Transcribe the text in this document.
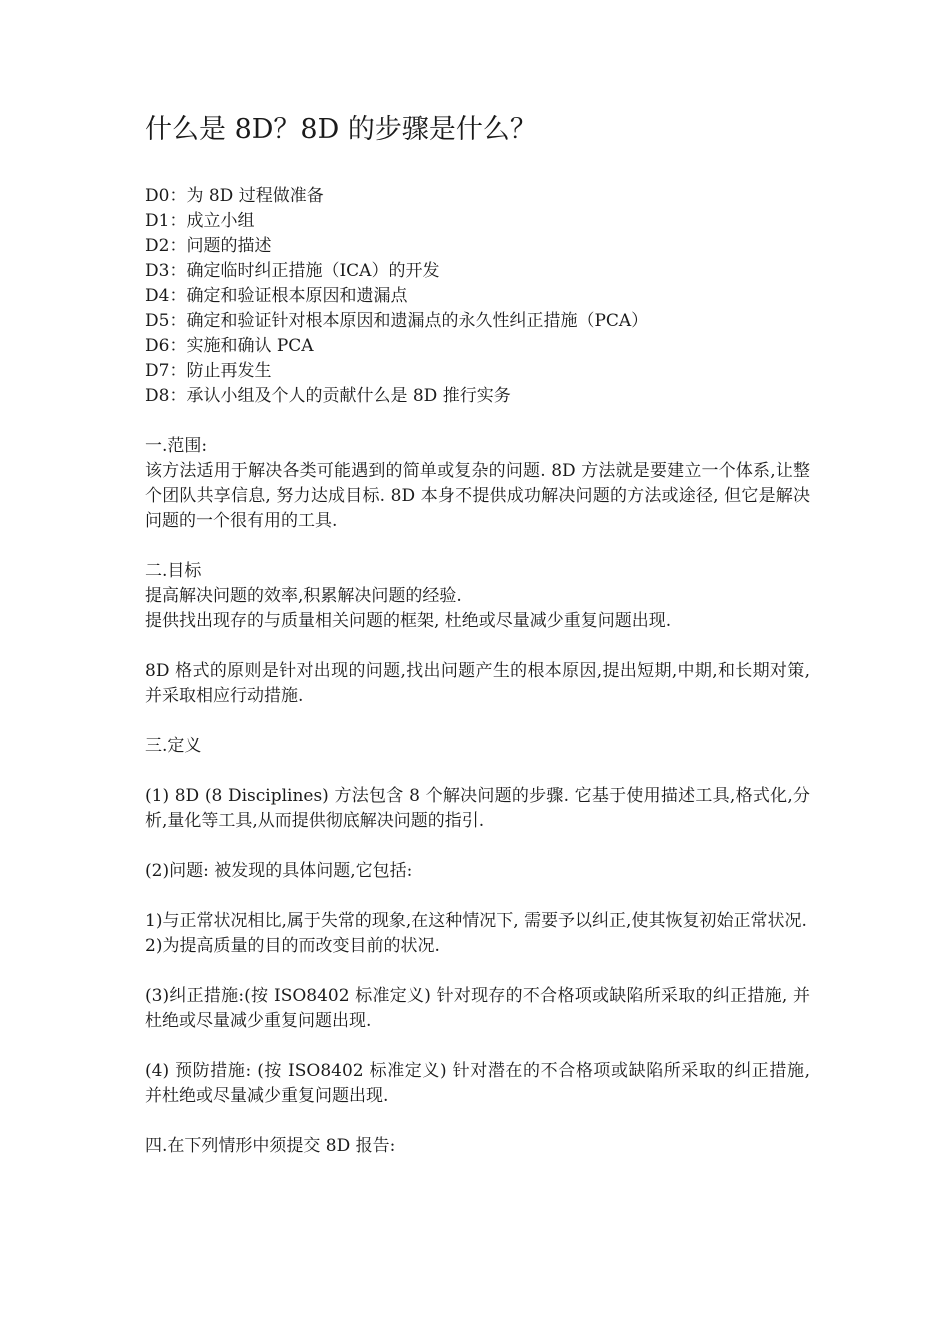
什么是 8D？8D 的步骤是什么？
D0：为 8D 过程做准备
D1：成立小组
D2：问题的描述
D3：确定临时纠正措施（ICA）的开发
D4：确定和验证根本原因和遗漏点
D5：确定和验证针对根本原因和遗漏点的永久性纠正措施（PCA）
D6：实施和确认 PCA
D7：防止再发生
D8：承认小组及个人的贡献什么是 8D 推行实务
一.范围:
该方法适用于解决各类可能遇到的简单或复杂的问题. 8D 方法就是要建立一个体系,让整个团队共享信息, 努力达成目标. 8D 本身不提供成功解决问题的方法或途径, 但它是解决问题的一个很有用的工具.
二.目标
提高解决问题的效率,积累解决问题的经验.
提供找出现存的与质量相关问题的框架, 杜绝或尽量减少重复问题出现.
8D 格式的原则是针对出现的问题,找出问题产生的根本原因,提出短期,中期,和长期对策,并采取相应行动措施.
三.定义
(1) 8D (8 Disciplines) 方法包含 8 个解决问题的步骤. 它基于使用描述工具,格式化,分析,量化等工具,从而提供彻底解决问题的指引.
(2)问题: 被发现的具体问题,它包括:
1)与正常状况相比,属于失常的现象,在这种情况下, 需要予以纠正,使其恢复初始正常状况.
2)为提高质量的目的而改变目前的状况.
(3)纠正措施:(按 ISO8402 标准定义) 针对现存的不合格项或缺陷所采取的纠正措施, 并杜绝或尽量减少重复问题出现.
(4) 预防措施: (按 ISO8402 标准定义) 针对潜在的不合格项或缺陷所采取的纠正措施, 并杜绝或尽量减少重复问题出现.
四.在下列情形中须提交 8D 报告:
